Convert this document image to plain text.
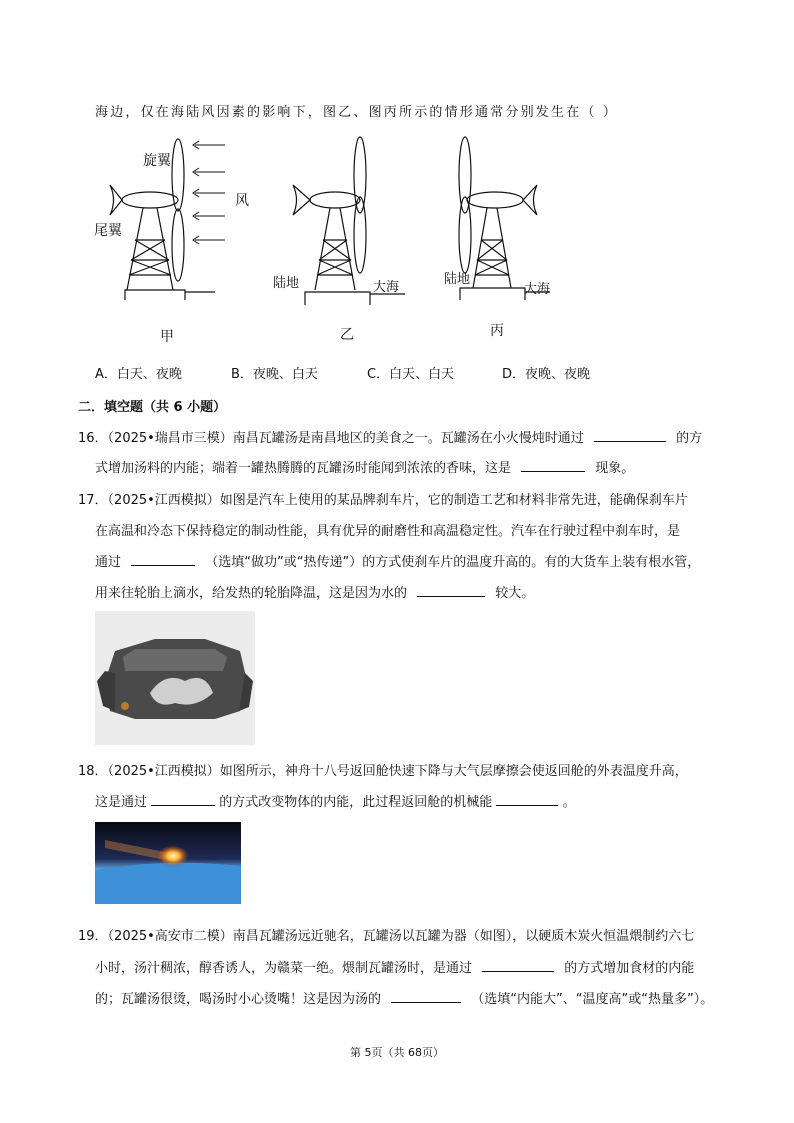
海边，仅在海陆风因素的影响下，图乙、图丙所示的情形通常分别发生在（ ）
旋翼
尾翼
风
甲
陆地	大海
乙
陆地
大海
丙
A．白天、夜晚	B．夜晚、白天	C．白天、白天	D．夜晚、夜晚
二．填空题（共 6 小题）
16．（2025•瑞昌市三模）南昌瓦罐汤是南昌地区的美食之一。瓦罐汤在小火慢炖时通过	的方
式增加汤料的内能；端着一罐热腾腾的瓦罐汤时能闻到浓浓的香味，这是	现象。
17．（2025•江西模拟）如图是汽车上使用的某品牌刹车片，它的制造工艺和材料非常先进，能确保刹车片
在高温和冷态下保持稳定的制动性能，具有优异的耐磨性和高温稳定性。汽车在行驶过程中刹车时，是
通过	（选填“做功”或“热传递”）的方式使刹车片的温度升高的。有的大货车上装有根水管，
用来往轮胎上滴水，给发热的轮胎降温，这是因为水的	较大。
18．（2025•江西模拟）如图所示，神舟十八号返回舱快速下降与大气层摩擦会使返回舱的外表温度升高，
这是通过	的方式改变物体的内能，此过程返回舱的机械能	。
19．（2025•高安市二模）南昌瓦罐汤远近驰名，瓦罐汤以瓦罐为器（如图），以硬质木炭火恒温煨制约六七
小时，汤汁稠浓，醇香诱人，为赣菜一绝。煨制瓦罐汤时，是通过	的方式增加食材的内能
的；瓦罐汤很烫，喝汤时小心烫嘴！这是因为汤的	（选填“内能大”、“温度高”或“热量多”）。
第 5页（共 68页）
